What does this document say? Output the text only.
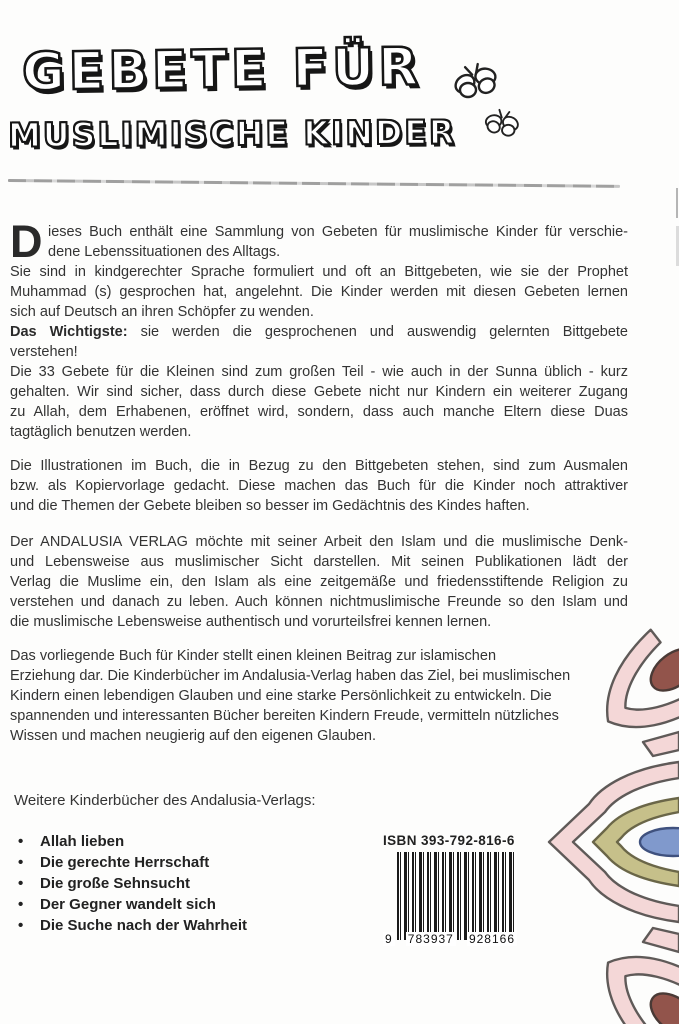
GEBETE FÜR
MUSLIMISCHE KINDER
D ieses Buch enthält eine Sammlung von Gebeten für muslimische Kinder für verschie-
dene Lebenssituationen des Alltags.
Sie sind in kindgerechter Sprache formuliert und oft an Bittgebeten, wie sie der Prophet
Muhammad (s) gesprochen hat, angelehnt. Die Kinder werden mit diesen Gebeten lernen
sich auf Deutsch an ihren Schöpfer zu wenden.
Das Wichtigste: sie werden die gesprochenen und auswendig gelernten Bittgebete
verstehen!
Die 33 Gebete für die Kleinen sind zum großen Teil - wie auch in der Sunna üblich - kurz
gehalten. Wir sind sicher, dass durch diese Gebete nicht nur Kindern ein weiterer Zugang
zu Allah, dem Erhabenen, eröffnet wird, sondern, dass auch manche Eltern diese Duas
tagtäglich benutzen werden.
Die Illustrationen im Buch, die in Bezug zu den Bittgebeten stehen, sind zum Ausmalen
bzw. als Kopiervorlage gedacht. Diese machen das Buch für die Kinder noch attraktiver
und die Themen der Gebete bleiben so besser im Gedächtnis des Kindes haften.
Der ANDALUSIA VERLAG möchte mit seiner Arbeit den Islam und die muslimische Denk-
und Lebensweise aus muslimischer Sicht darstellen. Mit seinen Publikationen lädt der
Verlag die Muslime ein, den Islam als eine zeitgemäße und friedensstiftende Religion zu
verstehen und danach zu leben. Auch können nichtmuslimische Freunde so den Islam und
die muslimische Lebensweise authentisch und vorurteilsfrei kennen lernen.
Das vorliegende Buch für Kinder stellt einen kleinen Beitrag zur islamischen
Erziehung dar. Die Kinderbücher im Andalusia-Verlag haben das Ziel, bei muslimischen
Kindern einen lebendigen Glauben und eine starke Persönlichkeit zu entwickeln. Die
spannenden und interessanten Bücher bereiten Kindern Freude, vermitteln nützliches
Wissen und machen neugierig auf den eigenen Glauben.
Weitere Kinderbücher des Andalusia-Verlags:
•	Allah lieben
•	Die gerechte Herrschaft
•	Die große Sehnsucht
•	Der Gegner wandelt sich
•	Die Suche nach der Wahrheit
ISBN 393-792-816-6
9 783937 928166
